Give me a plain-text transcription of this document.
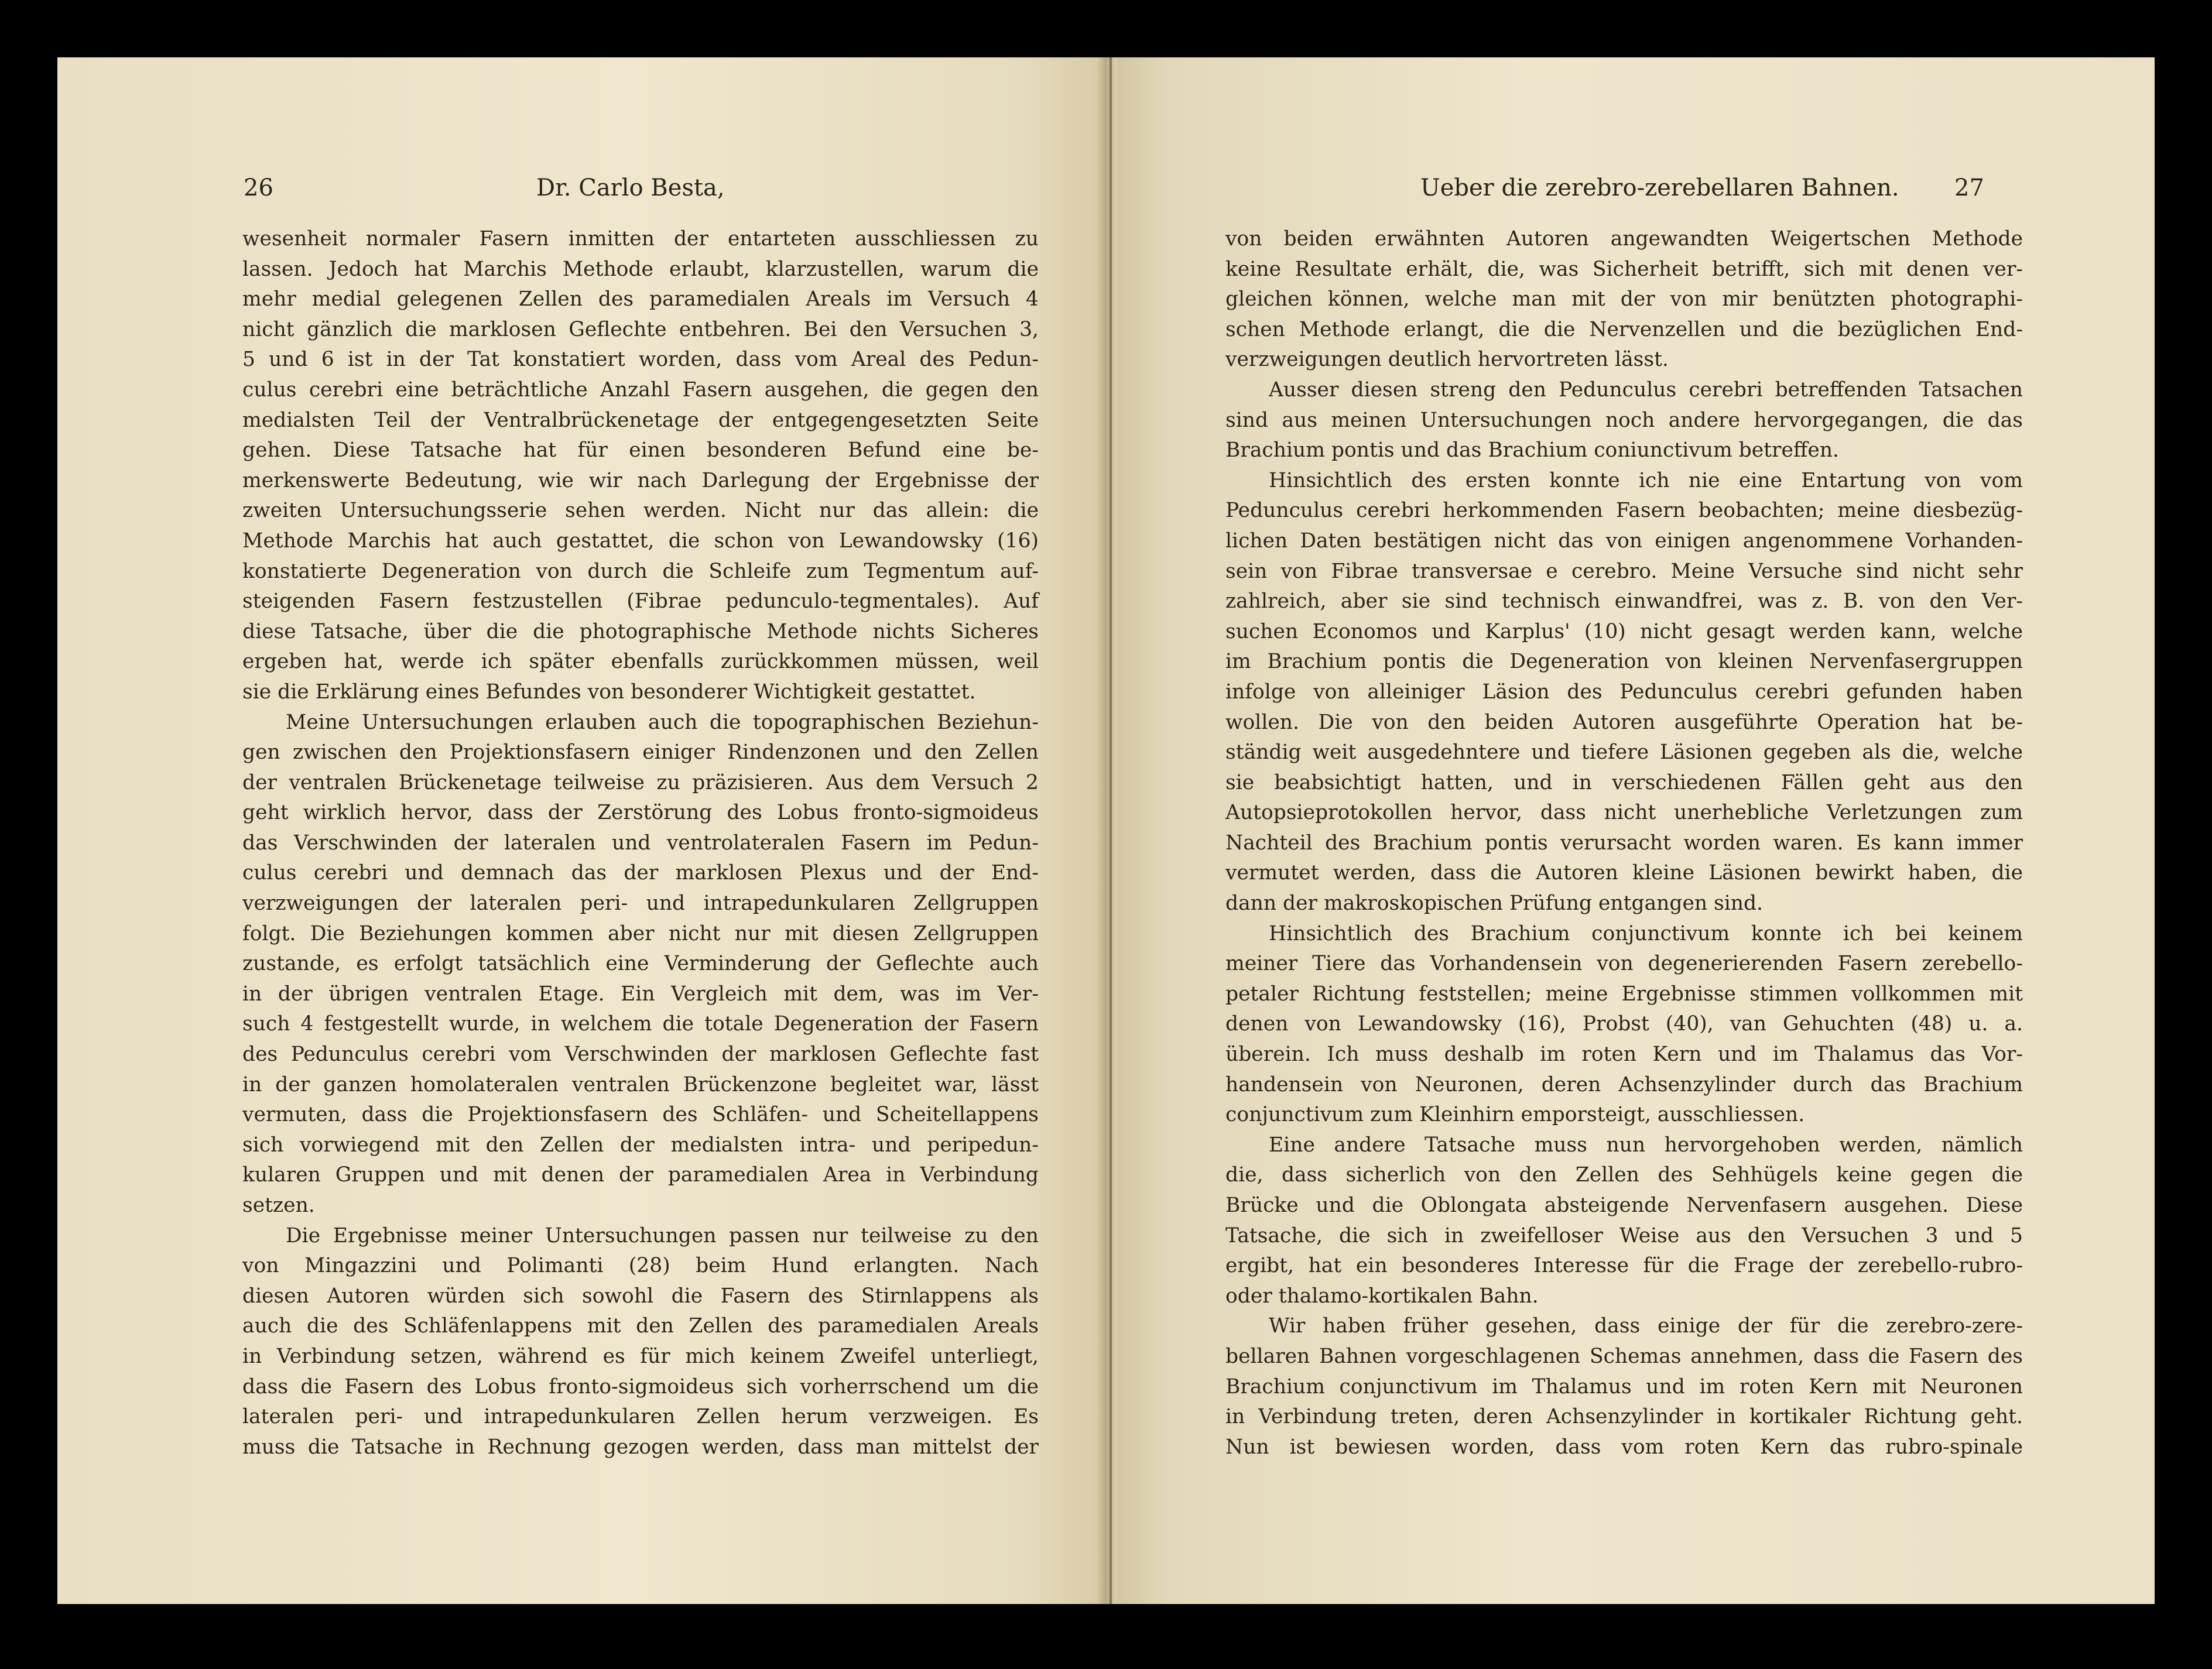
26	Dr. Carlo Besta,	Ueber die zerebro-zerebellaren Bahnen. 27
wesenheit normaler Fasern inmitten der entarteten ausschliessen zu
lassen. Jedoch hat Marchis Methode erlaubt, klarzustellen, warum die
mehr medial gelegenen Zellen des paramedialen Areals im Versuch 4
nicht gänzlich die marklosen Geflechte entbehren. Bei den Versuchen 3,
5 und 6 ist in der Tat konstatiert worden, dass vom Areal des Pedun-
culus cerebri eine beträchtliche Anzahl Fasern ausgehen, die gegen den
medialsten Teil der Ventralbrückenetage der entgegengesetzten Seite
gehen. Diese Tatsache hat für einen besonderen Befund eine be-
merkenswerte Bedeutung, wie wir nach Darlegung der Ergebnisse der
zweiten Untersuchungsserie sehen werden. Nicht nur das allein: die
Methode Marchis hat auch gestattet, die schon von Lewandowsky (16)
konstatierte Degeneration von durch die Schleife zum Tegmentum auf-
steigenden Fasern festzustellen (Fibrae pedunculo-tegmentales). Auf
diese Tatsache, über die die photographische Methode nichts Sicheres
ergeben hat, werde ich später ebenfalls zurückkommen müssen, weil
sie die Erklärung eines Befundes von besonderer Wichtigkeit gestattet.
Meine Untersuchungen erlauben auch die topographischen Beziehun-
gen zwischen den Projektionsfasern einiger Rindenzonen und den Zellen
der ventralen Brückenetage teilweise zu präzisieren. Aus dem Versuch 2
geht wirklich hervor, dass der Zerstörung des Lobus fronto-sigmoideus
das Verschwinden der lateralen und ventrolateralen Fasern im Pedun-
culus cerebri und demnach das der marklosen Plexus und der End-
verzweigungen der lateralen peri- und intrapedunkularen Zellgruppen
folgt. Die Beziehungen kommen aber nicht nur mit diesen Zellgruppen
zustande, es erfolgt tatsächlich eine Verminderung der Geflechte auch
in der übrigen ventralen Etage. Ein Vergleich mit dem, was im Ver-
such 4 festgestellt wurde, in welchem die totale Degeneration der Fasern
des Pedunculus cerebri vom Verschwinden der marklosen Geflechte fast
in der ganzen homolateralen ventralen Brückenzone begleitet war, lässt
vermuten, dass die Projektionsfasern des Schläfen- und Scheitellappens
sich vorwiegend mit den Zellen der medialsten intra- und peripedun-
kularen Gruppen und mit denen der paramedialen Area in Verbindung
setzen.
Die Ergebnisse meiner Untersuchungen passen nur teilweise zu den
von Mingazzini und Polimanti (28) beim Hund erlangten. Nach
diesen Autoren würden sich sowohl die Fasern des Stirnlappens als
auch die des Schläfenlappens mit den Zellen des paramedialen Areals
in Verbindung setzen, während es für mich keinem Zweifel unterliegt,
dass die Fasern des Lobus fronto-sigmoideus sich vorherrschend um die
lateralen peri- und intrapedunkularen Zellen herum verzweigen. Es
muss die Tatsache in Rechnung gezogen werden, dass man mittelst der
von beiden erwähnten Autoren angewandten Weigertschen Methode
keine Resultate erhält, die, was Sicherheit betrifft, sich mit denen ver-
gleichen können, welche man mit der von mir benützten photographi-
schen Methode erlangt, die die Nervenzellen und die bezüglichen End-
verzweigungen deutlich hervortreten lässt.
Ausser diesen streng den Pedunculus cerebri betreffenden Tatsachen
sind aus meinen Untersuchungen noch andere hervorgegangen, die das
Brachium pontis und das Brachium coniunctivum betreffen.
Hinsichtlich des ersten konnte ich nie eine Entartung von vom
Pedunculus cerebri herkommenden Fasern beobachten; meine diesbezüg-
lichen Daten bestätigen nicht das von einigen angenommene Vorhanden-
sein von Fibrae transversae e cerebro. Meine Versuche sind nicht sehr
zahlreich, aber sie sind technisch einwandfrei, was z. B. von den Ver-
suchen Economos und Karplus' (10) nicht gesagt werden kann, welche
im Brachium pontis die Degeneration von kleinen Nervenfasergruppen
infolge von alleiniger Läsion des Pedunculus cerebri gefunden haben
wollen. Die von den beiden Autoren ausgeführte Operation hat be-
ständig weit ausgedehntere und tiefere Läsionen gegeben als die, welche
sie beabsichtigt hatten, und in verschiedenen Fällen geht aus den
Autopsieprotokollen hervor, dass nicht unerhebliche Verletzungen zum
Nachteil des Brachium pontis verursacht worden waren. Es kann immer
vermutet werden, dass die Autoren kleine Läsionen bewirkt haben, die
dann der makroskopischen Prüfung entgangen sind.
Hinsichtlich des Brachium conjunctivum konnte ich bei keinem
meiner Tiere das Vorhandensein von degenerierenden Fasern zerebello-
petaler Richtung feststellen; meine Ergebnisse stimmen vollkommen mit
denen von Lewandowsky (16), Probst (40), van Gehuchten (48) u. a.
überein. Ich muss deshalb im roten Kern und im Thalamus das Vor-
handensein von Neuronen, deren Achsenzylinder durch das Brachium
conjunctivum zum Kleinhirn emporsteigt, ausschliessen.
Eine andere Tatsache muss nun hervorgehoben werden, nämlich
die, dass sicherlich von den Zellen des Sehhügels keine gegen die
Brücke und die Oblongata absteigende Nervenfasern ausgehen. Diese
Tatsache, die sich in zweifelloser Weise aus den Versuchen 3 und 5
ergibt, hat ein besonderes Interesse für die Frage der zerebello-rubro-
oder thalamo-kortikalen Bahn.
Wir haben früher gesehen, dass einige der für die zerebro-zere-
bellaren Bahnen vorgeschlagenen Schemas annehmen, dass die Fasern des
Brachium conjunctivum im Thalamus und im roten Kern mit Neuronen
in Verbindung treten, deren Achsenzylinder in kortikaler Richtung geht.
Nun ist bewiesen worden, dass vom roten Kern das rubro-spinale
